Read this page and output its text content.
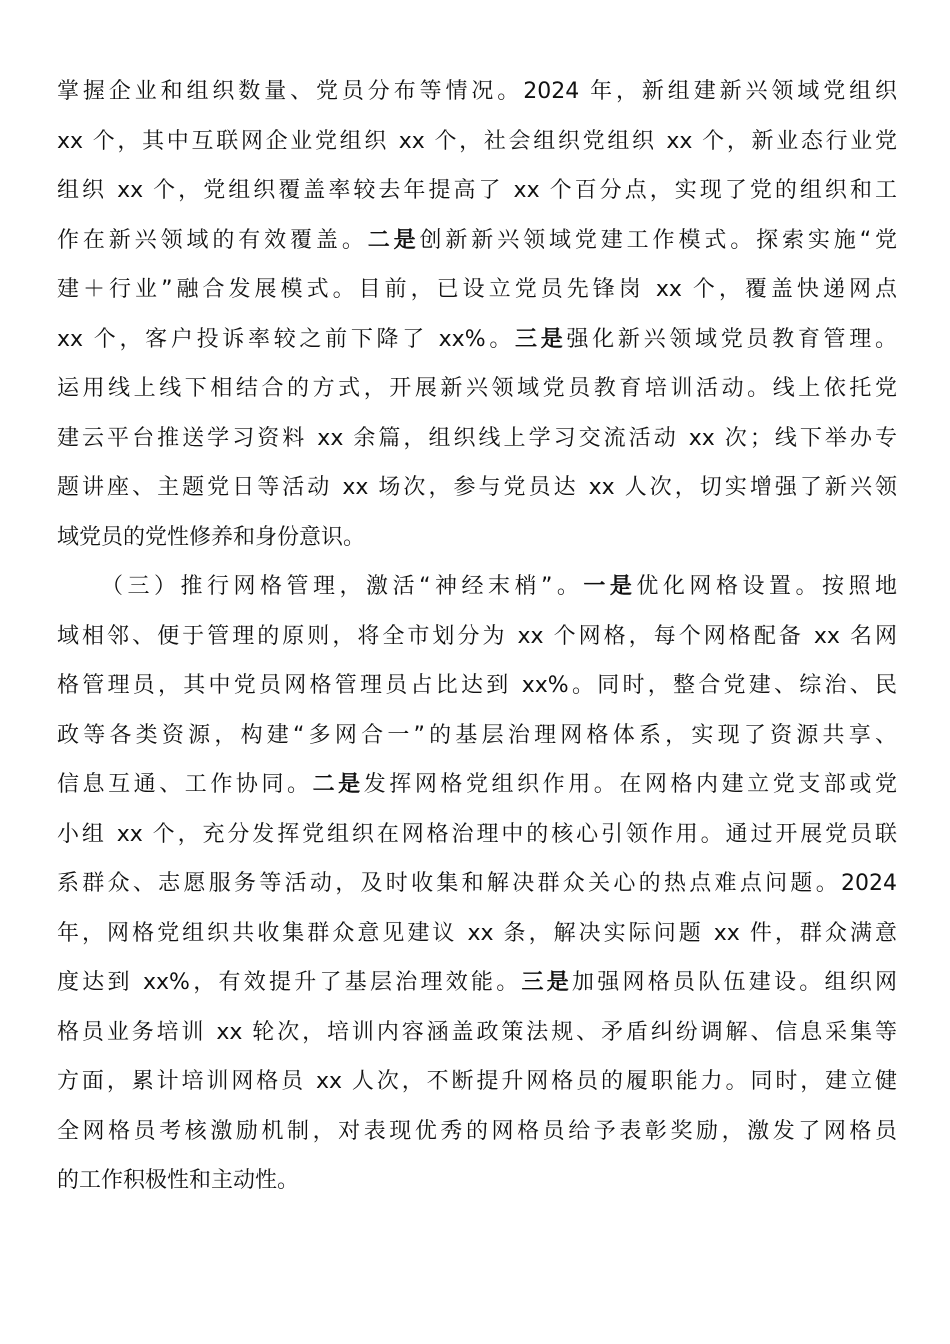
掌握企业和组织数量、党员分布等情况。2024 年，新组建新兴领域党组织
xx 个，其中互联网企业党组织 xx 个，社会组织党组织 xx 个，新业态行业党
组织 xx 个，党组织覆盖率较去年提高了 xx 个百分点，实现了党的组织和工
作在新兴领域的有效覆盖。二是创新新兴领域党建工作模式。探索实施“党
建＋行业”融合发展模式。目前，已设立党员先锋岗 xx 个，覆盖快递网点
xx 个，客户投诉率较之前下降了 xx%。三是强化新兴领域党员教育管理。
运用线上线下相结合的方式，开展新兴领域党员教育培训活动。线上依托党
建云平台推送学习资料 xx 余篇，组织线上学习交流活动 xx 次；线下举办专
题讲座、主题党日等活动 xx 场次，参与党员达 xx 人次，切实增强了新兴领
域党员的党性修养和身份意识。
（三）推行网格管理，激活“神经末梢”。一是优化网格设置。按照地
域相邻、便于管理的原则，将全市划分为 xx 个网格，每个网格配备 xx 名网
格管理员，其中党员网格管理员占比达到 xx%。同时，整合党建、综治、民
政等各类资源，构建“多网合一”的基层治理网格体系，实现了资源共享、
信息互通、工作协同。二是发挥网格党组织作用。在网格内建立党支部或党
小组 xx 个，充分发挥党组织在网格治理中的核心引领作用。通过开展党员联
系群众、志愿服务等活动，及时收集和解决群众关心的热点难点问题。2024
年，网格党组织共收集群众意见建议 xx 条，解决实际问题 xx 件，群众满意
度达到 xx%，有效提升了基层治理效能。三是加强网格员队伍建设。组织网
格员业务培训 xx 轮次，培训内容涵盖政策法规、矛盾纠纷调解、信息采集等
方面，累计培训网格员 xx 人次，不断提升网格员的履职能力。同时，建立健
全网格员考核激励机制，对表现优秀的网格员给予表彰奖励，激发了网格员
的工作积极性和主动性。
